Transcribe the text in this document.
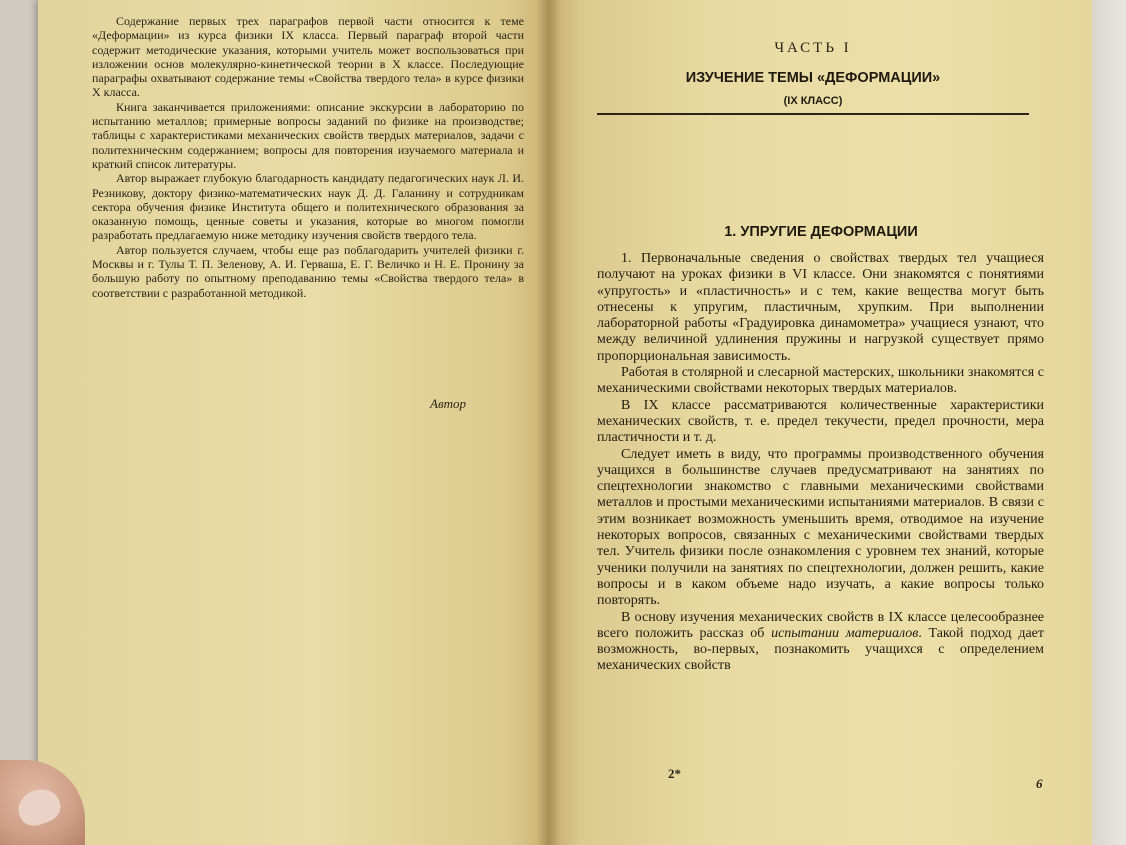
Содержание первых трех параграфов первой части относится к теме «Деформации» из курса физики IX класса. Первый параграф второй части содержит методические указания, которыми учитель может воспользоваться при изложении основ молекулярно-кинетической теории в X классе. Последующие параграфы охватывают содержание темы «Свойства твердого тела» в курсе физики X класса.

Книга заканчивается приложениями: описание экскурсии в лабораторию по испытанию металлов; примерные вопросы заданий по физике на производстве; таблицы с характеристиками механических свойств твердых материалов, задачи с политехническим содержанием; вопросы для повторения изучаемого материала и краткий список литературы.

Автор выражает глубокую благодарность кандидату педагогических наук Л. И. Резникову, доктору физико-математических наук Д. Д. Галанину и сотрудникам сектора обучения физике Института общего и политехнического образования за оказанную помощь, ценные советы и указания, которые во многом помогли разработать предлагаемую ниже методику изучения свойств твердого тела.

Автор пользуется случаем, чтобы еще раз поблагодарить учителей физики г. Москвы и г. Тулы Т. П. Зеленову, А. И. Герваша, Е. Г. Величко и Н. Е. Пронину за большую работу по опытному преподаванию темы «Свойства твердого тела» в соответствии с разработанной методикой.

Автор
ЧАСТЬ I
ИЗУЧЕНИЕ ТЕМЫ «ДЕФОРМАЦИИ»
(IX КЛАСС)
1. УПРУГИЕ ДЕФОРМАЦИИ

1. Первоначальные сведения о свойствах твердых тел учащиеся получают на уроках физики в VI классе. Они знакомятся с понятиями «упругость» и «пластичность» и с тем, какие вещества могут быть отнесены к упругим, пластичным, хрупким. При выполнении лабораторной работы «Градуировка динамометра» учащиеся узнают, что между величиной удлинения пружины и нагрузкой существует прямо пропорциональная зависимость.

Работая в столярной и слесарной мастерских, школьники знакомятся с механическими свойствами некоторых твердых материалов.

В IX классе рассматриваются количественные характеристики механических свойств, т. е. предел текучести, предел прочности, мера пластичности и т. д.

Следует иметь в виду, что программы производственного обучения учащихся в большинстве случаев предусматривают на занятиях по спецтехнологии знакомство с главными механическими свойствами металлов и простыми механическими испытаниями материалов. В связи с этим возникает возможность уменьшить время, отводимое на изучение некоторых вопросов, связанных с механическими свойствами твердых тел. Учитель физики после ознакомления с уровнем тех знаний, которые ученики получили на занятиях по спецтехнологии, должен решить, какие вопросы и в каком объеме надо изучать, а какие вопросы только повторять.

В основу изучения механических свойств в IX классе целесообразнее всего положить рассказ об испытании материалов. Такой подход дает возможность, во-первых, познакомить учащихся с определением механических свойств

2*
6
